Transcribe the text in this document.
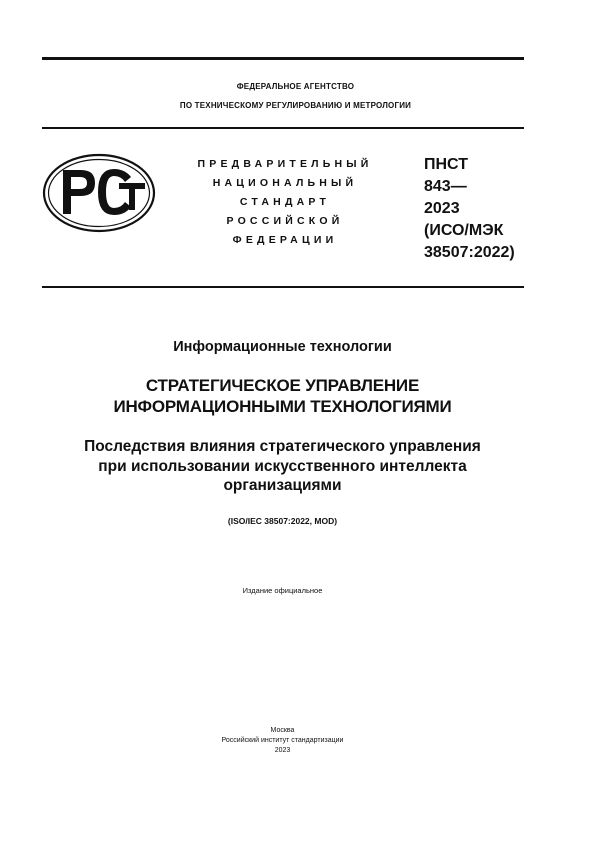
ФЕДЕРАЛЬНОЕ АГЕНТСТВО
ПО ТЕХНИЧЕСКОМУ РЕГУЛИРОВАНИЮ И МЕТРОЛОГИИ
ПРЕДВАРИТЕЛЬНЫЙ
НАЦИОНАЛЬНЫЙ
СТАНДАРТ
РОССИЙСКОЙ
ФЕДЕРАЦИИ
ПНСТ
843—
2023
(ИСО/МЭК
38507:2022)
Информационные технологии
СТРАТЕГИЧЕСКОЕ УПРАВЛЕНИЕ
ИНФОРМАЦИОННЫМИ ТЕХНОЛОГИЯМИ
Последствия влияния стратегического управления
при использовании искусственного интеллекта
организациями
(ISO/IEC 38507:2022, MOD)
Издание официальное
Москва
Российский институт стандартизации
2023
